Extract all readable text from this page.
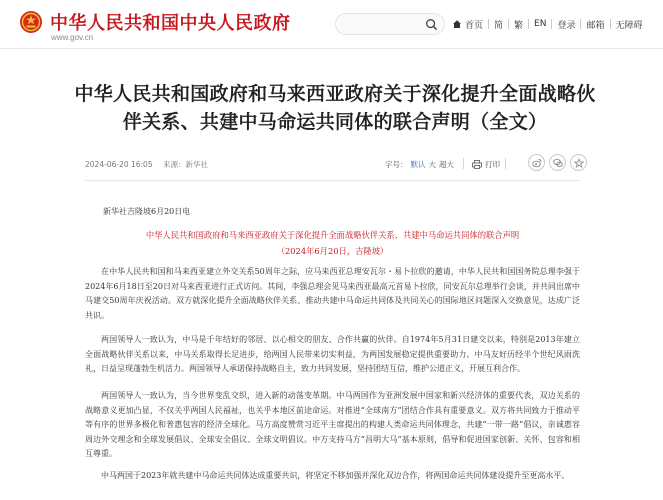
中华人民共和国中央人民政府
www.gov.cn
首页	简	繁	EN	登录	邮箱	无障碍
中华人民共和国政府和马来西亚政府关于深化提升全面战略伙伴关系、共建中马命运共同体的联合声明（全文）
2024-06-20 16:05 来源：新华社	字号： 默认 大 超大	打印
新华社吉隆坡6月20日电
中华人民共和国政府和马来西亚政府关于深化提升全面战略伙伴关系、共建中马命运共同体的联合声明
（2024年6月20日，吉隆坡）

在中华人民共和国和马来西亚建立外交关系50周年之际，应马来西亚总理安瓦尔・易卜拉欣的邀请，中华人民共和国国务院总理李强于2024年6月18日至20日对马来西亚进行正式访问。其间，李强总理会见马来西亚最高元首易卜拉欣，同安瓦尔总理举行会谈，并共同出席中马建交50周年庆祝活动。双方就深化提升全面战略伙伴关系、推动共建中马命运共同体及共同关心的国际地区问题深入交换意见，达成广泛共识。

两国领导人一致认为，中马是千年结好的邻居、以心相交的朋友、合作共赢的伙伴。自1974年5月31日建交以来，特别是2013年建立全面战略伙伴关系以来，中马关系取得长足进步，给两国人民带来切实利益，为两国发展稳定提供重要助力。中马友好历经半个世纪风雨洗礼，日益呈现蓬勃生机活力。两国领导人承诺保持战略自主，致力共同发展，坚持团结互信，维护公道正义，开展互利合作。

两国领导人一致认为，当今世界变乱交织，进入新的动荡变革期。中马两国作为亚洲发展中国家和新兴经济体的重要代表，双边关系的战略意义更加凸显，不仅关乎两国人民福祉，也关乎本地区前途命运。对推进“全球南方”团结合作具有重要意义。双方将共同致力于推动平等有序的世界多极化和普惠包容的经济全球化。马方高度赞赏习近平主席提出的构建人类命运共同体理念，共建“一带一路”倡议，亲诚惠容周边外交理念和全球发展倡议、全球安全倡议、全球文明倡议。中方支持马方“昌明大马”基本原则，倡导和促进国家创新、关怀、包容和相互尊重。

中马两国于2023年就共建中马命运共同体达成重要共识，将坚定不移加强并深化双边合作，将两国命运共同体建设提升至更高水平。
